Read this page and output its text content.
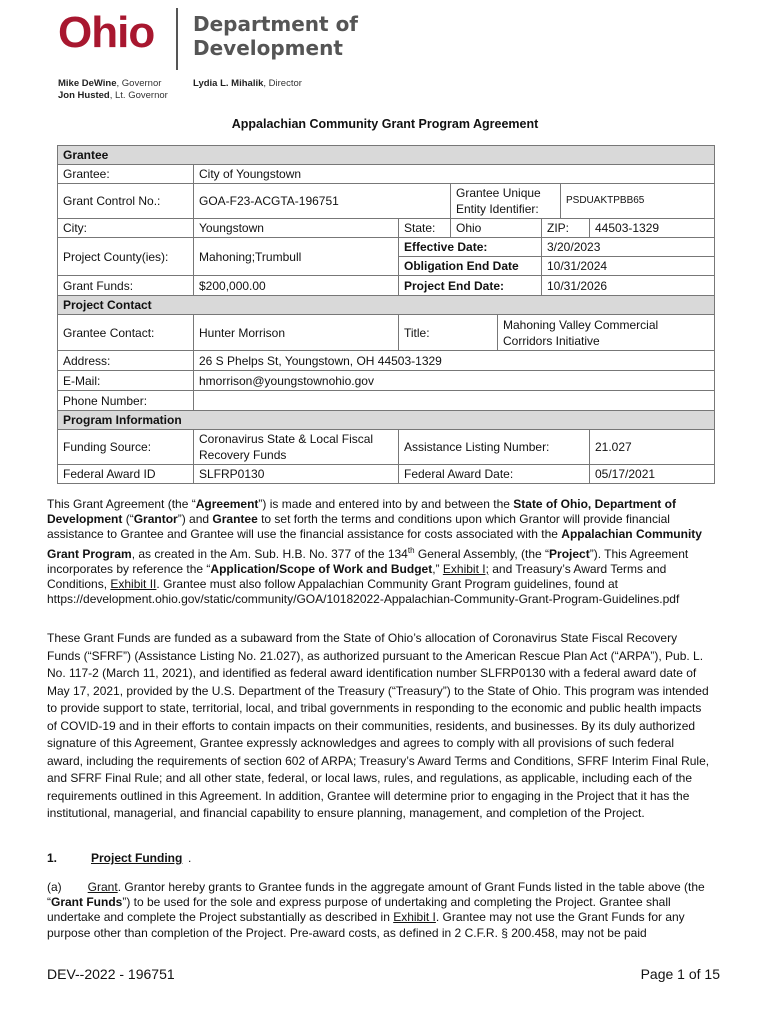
Ohio Department of
Development
Mike DeWine, Governor
Jon Husted, Lt. Governor
Lydia L. Mihalik, Director
Appalachian Community Grant Program Agreement
Grantee							
Grantee:	City of Youngstown						
Grant Control No.:	GOA-F23-ACGTA-196751		Grantee Unique Entity Identifier:			PSDUAKTPBB65	
City:	Youngstown	State:	Ohio		ZIP:		44503-1329
Project County(ies):	Mahoning;Trumbull	Effective Date:			3/20/2023		
		Obligation End Date			10/31/2024		
Grant Funds:	$200,000.00	Project End Date:			10/31/2026		
Project Contact							
Grantee Contact:	Hunter Morrison	Title:		Mahoning Valley Commercial Corridors Initiative			
Address:	26 S Phelps St, Youngstown, OH 44503-1329						
E-Mail:	hmorrison@youngstownohio.gov						
Phone Number:							
Program Information							
Funding Source:	Coronavirus State & Local Fiscal Recovery Funds	Assistance Listing Number:					21.027
Federal Award ID	SLFRP0130	Federal Award Date:					05/17/2021
This Grant Agreement (the “Agreement”) is made and entered into by and between the State of Ohio, Department of Development (“Grantor”) and Grantee to set forth the terms and conditions upon which Grantor will provide financial assistance to Grantee and Grantee will use the financial assistance for costs associated with the Appalachian Community Grant Program, as created in the Am. Sub. H.B. No. 377 of the 134th General Assembly, (the “Project”). This Agreement incorporates by reference the “Application/Scope of Work and Budget,” Exhibit I; and Treasury’s Award Terms and Conditions, Exhibit II. Grantee must also follow Appalachian Community Grant Program guidelines, found at https://development.ohio.gov/static/community/GOA/10182022-Appalachian-Community-Grant-Program-Guidelines.pdf
These Grant Funds are funded as a subaward from the State of Ohio’s allocation of Coronavirus State Fiscal Recovery Funds (“SFRF”) (Assistance Listing No. 21.027), as authorized pursuant to the American Rescue Plan Act (“ARPA”), Pub. L. No. 117-2 (March 11, 2021), and identified as federal award identification number SLFRP0130 with a federal award date of May 17, 2021, provided by the U.S. Department of the Treasury (“Treasury”) to the State of Ohio. This program was intended to provide support to state, territorial, local, and tribal governments in responding to the economic and public health impacts of COVID-19 and in their efforts to contain impacts on their communities, residents, and businesses. By its duly authorized signature of this Agreement, Grantee expressly acknowledges and agrees to comply with all provisions of such federal award, including the requirements of section 602 of ARPA; Treasury’s Award Terms and Conditions, SFRF Interim Final Rule, and SFRF Final Rule; and all other state, federal, or local laws, rules, and regulations, as applicable, including each of the requirements outlined in this Agreement. In addition, Grantee will determine prior to engaging in the Project that it has the institutional, managerial, and financial capability to ensure planning, management, and completion of the Project.
1.	Project Funding .
(a) Grant. Grantor hereby grants to Grantee funds in the aggregate amount of Grant Funds listed in the table above (the “Grant Funds”) to be used for the sole and express purpose of undertaking and completing the Project. Grantee shall undertake and complete the Project substantially as described in Exhibit I. Grantee may not use the Grant Funds for any purpose other than completion of the Project. Pre-award costs, as defined in 2 C.F.R. § 200.458, may not be paid
DEV--2022 - 196751	Page 1 of 15
